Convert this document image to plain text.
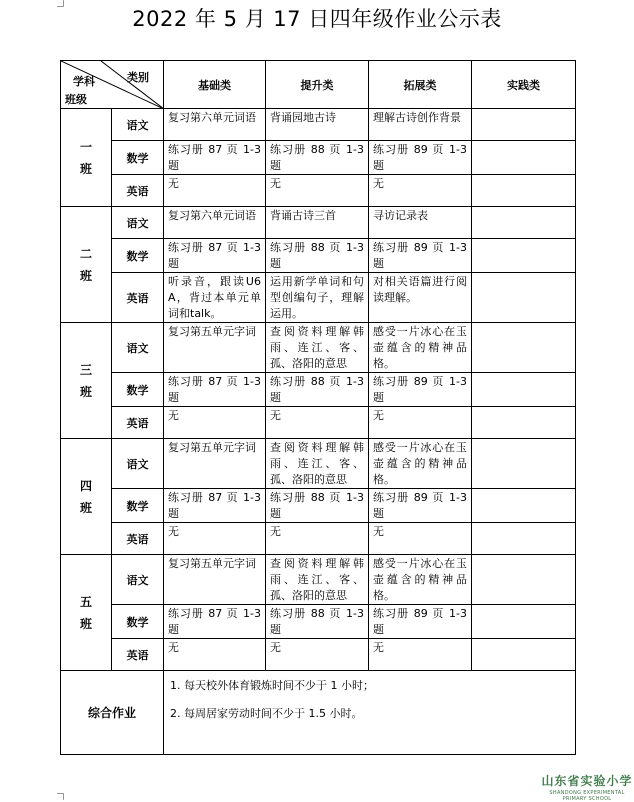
2022 年 5 月 17 日四年级作业公示表
类别
学科
班级		基础类	提升类	拓展类	实践类

一
班	语文	复习第六单元词语	背诵园地古诗	理解古诗创作背景	
	数学	练习册 87 页 1-3 题	练习册 88 页 1-3 题	练习册 89 页 1-3 题	
	英语	无	无	无	

二
班	语文	复习第六单元词语	背诵古诗三首	寻访记录表	
	数学	练习册 87 页 1-3 题	练习册 88 页 1-3 题	练习册 89 页 1-3 题	
	英语	听录音，跟读U6A，背过本单元单词和talk。	运用新学单词和句型创编句子，理解运用。	对相关语篇进行阅读理解。	

三
班	语文	复习第五单元字词	查阅资料理解韩雨、连江、客、孤、洛阳的意思	感受一片冰心在玉壶蕴含的精神品格。	
	数学	练习册 87 页 1-3 题	练习册 88 页 1-3 题	练习册 89 页 1-3 题	
	英语	无	无	无	

四
班	语文	复习第五单元字词	查阅资料理解韩雨、连江、客、孤、洛阳的意思	感受一片冰心在玉壶蕴含的精神品格。	
	数学	练习册 87 页 1-3 题	练习册 88 页 1-3 题	练习册 89 页 1-3 题	
	英语	无	无	无	

五
班	语文	复习第五单元字词	查阅资料理解韩雨、连江、客、孤、洛阳的意思	感受一片冰心在玉壶蕴含的精神品格。	
	数学	练习册 87 页 1-3 题	练习册 88 页 1-3 题	练习册 89 页 1-3 题	
	英语	无	无	无	
综合作业		1. 每天校外体育锻炼时间不少于 1 小时；
2. 每周居家劳动时间不少于 1.5 小时。			
山东省实验小学
SHANDONG EXPERIMENTAL PRIMARY SCHOOL
